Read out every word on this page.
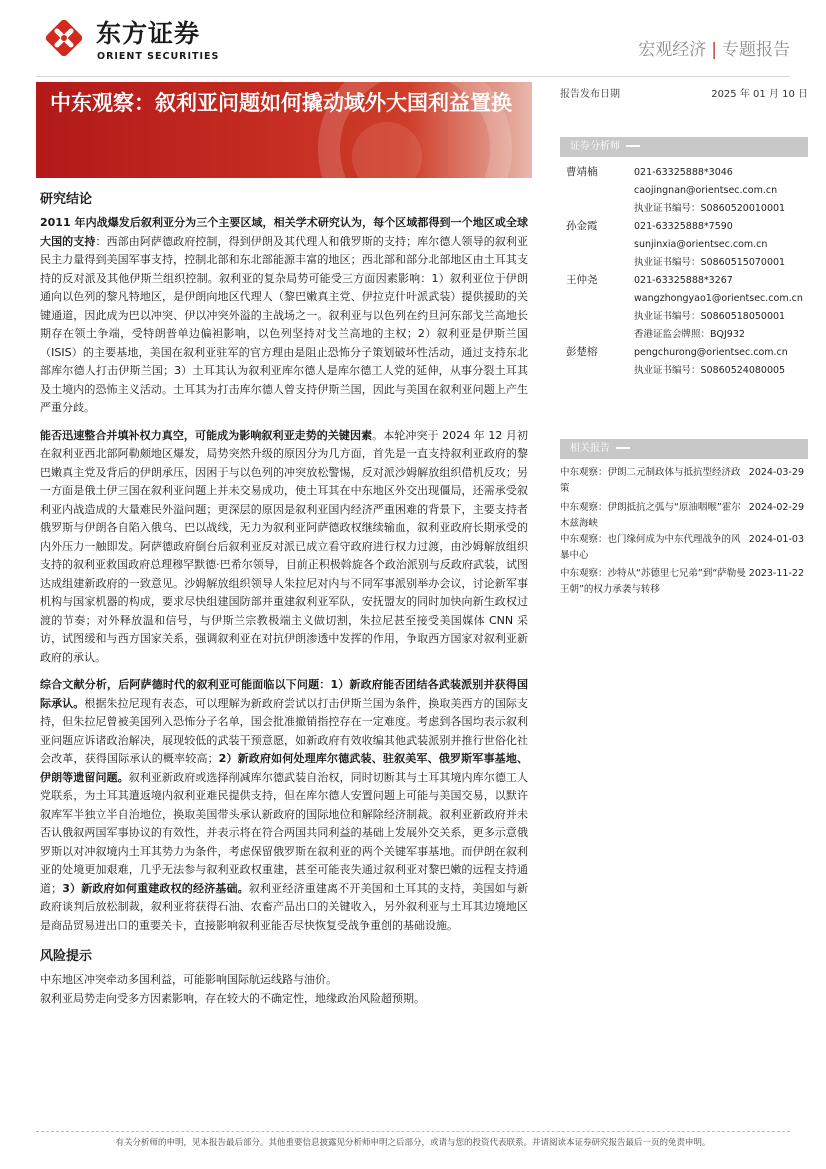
东方证券
ORIENT SECURITIES	宏观经济 | 专题报告
中东观察：叙利亚问题如何撬动域外大国利益置换	报告发布日期	2025 年 01 月 10 日
证券分析师
曹靖楠	021-63325888*3046
caojingnan@orientsec.com.cn
执业证书编号：S0860520010001
孙金霞	021-63325888*7590
sunjinxia@orientsec.com.cn
执业证书编号：S0860515070001
王仲尧	021-63325888*3267
wangzhongyao1@orientsec.com.cn
执业证书编号：S0860518050001
香港证监会牌照：BQJ932
彭楚榕	pengchurong@orientsec.com.cn
执业证书编号：S0860524080005
相关报告
中东观察：伊朗二元制政体与抵抗型经济政策
2024-03-29
中东观察：伊朗抵抗之弧与“原油咽喉”霍尔木兹海峡
2024-02-29
中东观察：也门缘何成为中东代理战争的风暴中心
2024-01-03
中东观察：沙特从“苏德里七兄弟”到“萨勒曼王朝”的权力承袭与转移
2023-11-22
研究结论

2011 年内战爆发后叙利亚分为三个主要区域，相关学术研究认为，每个区域都得到一个地区或全球大国的支持：西部由阿萨德政府控制，得到伊朗及其代理人和俄罗斯的支持；库尔德人领导的叙利亚民主力量得到美国军事支持，控制北部和东北部能源丰富的地区；西北部和部分北部地区由土耳其支持的反对派及其他伊斯兰组织控制。叙利亚的复杂局势可能受三方面因素影响：1）叙利亚位于伊朗通向以色列的黎凡特地区，是伊朗向地区代理人（黎巴嫩真主党、伊拉克什叶派武装）提供援助的关键通道，因此成为巴以冲突、伊以冲突外溢的主战场之一。叙利亚与以色列在约旦河东部戈兰高地长期存在领土争端，受特朗普单边偏袒影响，以色列坚持对戈兰高地的主权；2）叙利亚是伊斯兰国（ISIS）的主要基地，美国在叙利亚驻军的官方理由是阻止恐怖分子策划破坏性活动，通过支持东北部库尔德人打击伊斯兰国；3）土耳其认为叙利亚库尔德人是库尔德工人党的延伸，从事分裂土耳其及土境内的恐怖主义活动。土耳其为打击库尔德人曾支持伊斯兰国，因此与美国在叙利亚问题上产生严重分歧。

能否迅速整合并填补权力真空，可能成为影响叙利亚走势的关键因素。本轮冲突于 2024 年 12 月初在叙利亚西北部阿勒颇地区爆发，局势突然升级的原因分为几方面，首先是一直支持叙利亚政府的黎巴嫩真主党及背后的伊朗承压，因困于与以色列的冲突放松警惕，反对派沙姆解放组织借机反攻；另一方面是俄土伊三国在叙利亚问题上并未交易成功，使土耳其在中东地区外交出现僵局，还需承受叙利亚内战造成的大量难民外溢问题；更深层的原因是叙利亚国内经济严重困难的背景下，主要支持者俄罗斯与伊朗各自陷入俄乌、巴以战线，无力为叙利亚阿萨德政权继续输血，叙利亚政府长期承受的内外压力一触即发。阿萨德政府倒台后叙利亚反对派已成立看守政府进行权力过渡，由沙姆解放组织支持的叙利亚救国政府总理穆罕默德·巴希尔领导，目前正积极斡旋各个政治派别与反政府武装，试图达成组建新政府的一致意见。沙姆解放组织领导人朱拉尼对内与不同军事派别举办会议，讨论新军事机构与国家机器的构成，要求尽快组建国防部并重建叙利亚军队，安抚盟友的同时加快向新生政权过渡的节奏；对外释放温和信号，与伊斯兰宗教极端主义做切割，朱拉尼甚至接受美国媒体 CNN 采访，试图缓和与西方国家关系，强调叙利亚在对抗伊朗渗透中发挥的作用，争取西方国家对叙利亚新政府的承认。

综合文献分析，后阿萨德时代的叙利亚可能面临以下问题：1）新政府能否团结各武装派别并获得国际承认。根据朱拉尼现有表态，可以理解为新政府尝试以打击伊斯兰国为条件，换取美西方的国际支持，但朱拉尼曾被美国列入恐怖分子名单，国会批准撤销指控存在一定难度。考虑到各国均表示叙利亚问题应诉诸政治解决，展现较低的武装干预意愿，如新政府有效收编其他武装派别并推行世俗化社会改革，获得国际承认的概率较高；2）新政府如何处理库尔德武装、驻叙美军、俄罗斯军事基地、伊朗等遗留问题。叙利亚新政府或选择削减库尔德武装自治权，同时切断其与土耳其境内库尔德工人党联系，为土耳其遣返境内叙利亚难民提供支持，但在库尔德人安置问题上可能与美国交易，以默许叙库军半独立半自治地位，换取美国带头承认新政府的国际地位和解除经济制裁。叙利亚新政府并未否认俄叙两国军事协议的有效性，并表示将在符合两国共同利益的基础上发展外交关系，更多示意俄罗斯以对冲叙境内土耳其势力为条件，考虑保留俄罗斯在叙利亚的两个关键军事基地。而伊朗在叙利亚的处境更加艰难，几乎无法参与叙利亚政权重建，甚至可能丧失通过叙利亚对黎巴嫩的远程支持通道；3）新政府如何重建政权的经济基础。叙利亚经济重建离不开美国和土耳其的支持，美国如与新政府谈判后放松制裁，叙利亚将获得石油、农畜产品出口的关键收入，另外叙利亚与土耳其边境地区是商品贸易进出口的重要关卡，直接影响叙利亚能否尽快恢复受战争重创的基础设施。

风险提示
中东地区冲突牵动多国利益，可能影响国际航运线路与油价。
叙利亚局势走向受多方因素影响，存在较大的不确定性，地缘政治风险超预期。
有关分析师的申明，见本报告最后部分。其他重要信息披露见分析师申明之后部分，或请与您的投资代表联系。并请阅读本证券研究报告最后一页的免责申明。
